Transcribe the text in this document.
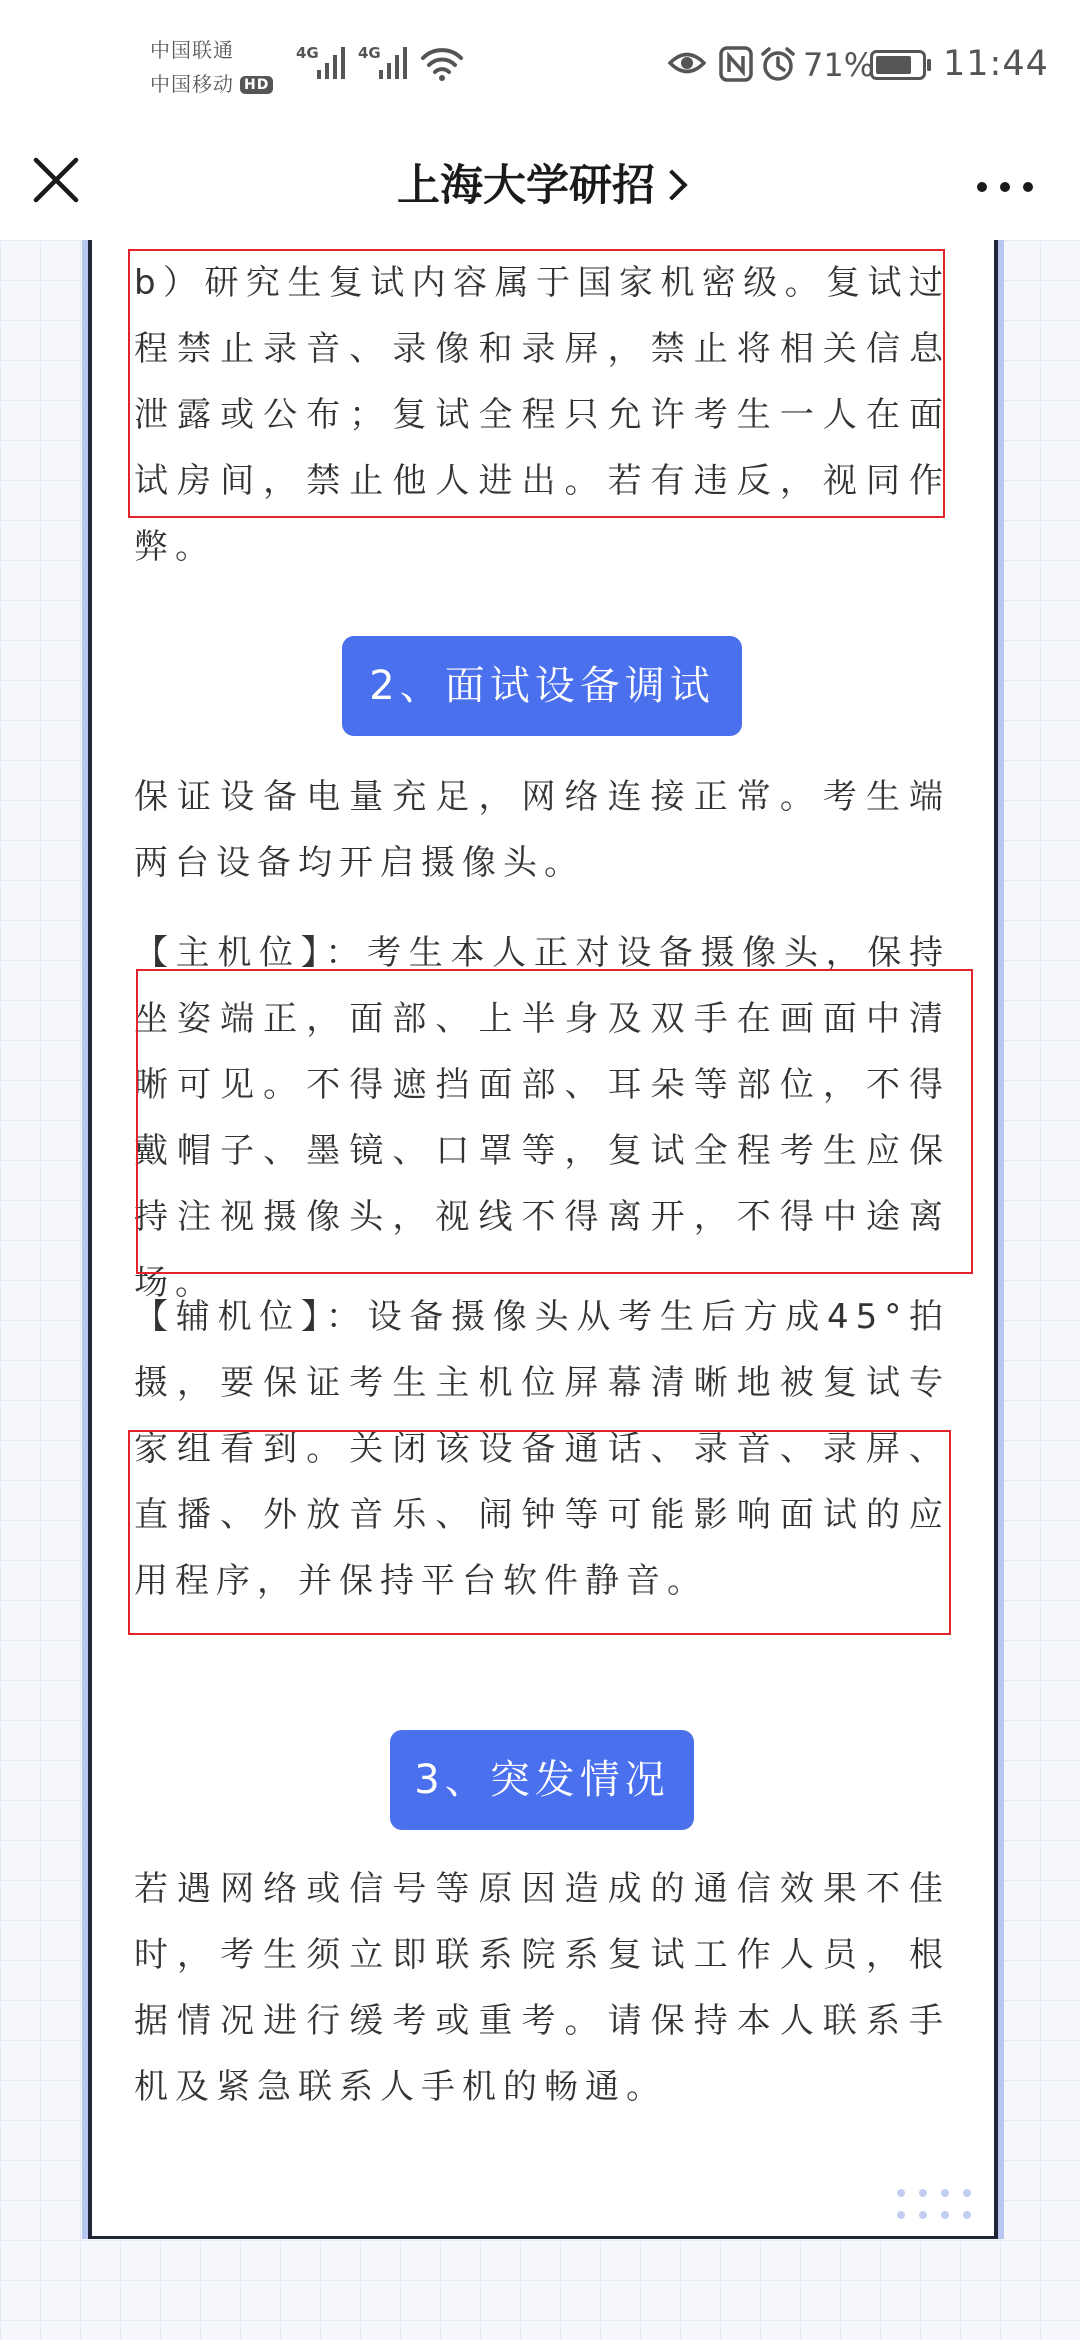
中国联通
中国移动 HD
4G	4G	71% 11:44
上海大学研招

b）研究生复试内容属于国家机密级。复试过程禁止录音、录像和录屏，禁止将相关信息泄露或公布；复试全程只允许考生一人在面试房间，禁止他人进出。若有违反，视同作弊。

2、面试设备调试

保证设备电量充足，网络连接正常。考生端两台设备均开启摄像头。

【主机位】：考生本人正对设备摄像头，保持坐姿端正，面部、上半身及双手在画面中清晰可见。不得遮挡面部、耳朵等部位，不得戴帽子、墨镜、口罩等，复试全程考生应保持注视摄像头，视线不得离开，不得中途离场。

【辅机位】：设备摄像头从考生后方成45°拍摄，要保证考生主机位屏幕清晰地被复试专家组看到。关闭该设备通话、录音、录屏、直播、外放音乐、闹钟等可能影响面试的应用程序，并保持平台软件静音。

3、突发情况

若遇网络或信号等原因造成的通信效果不佳时，考生须立即联系院系复试工作人员，根据情况进行缓考或重考。请保持本人联系手机及紧急联系人手机的畅通。
